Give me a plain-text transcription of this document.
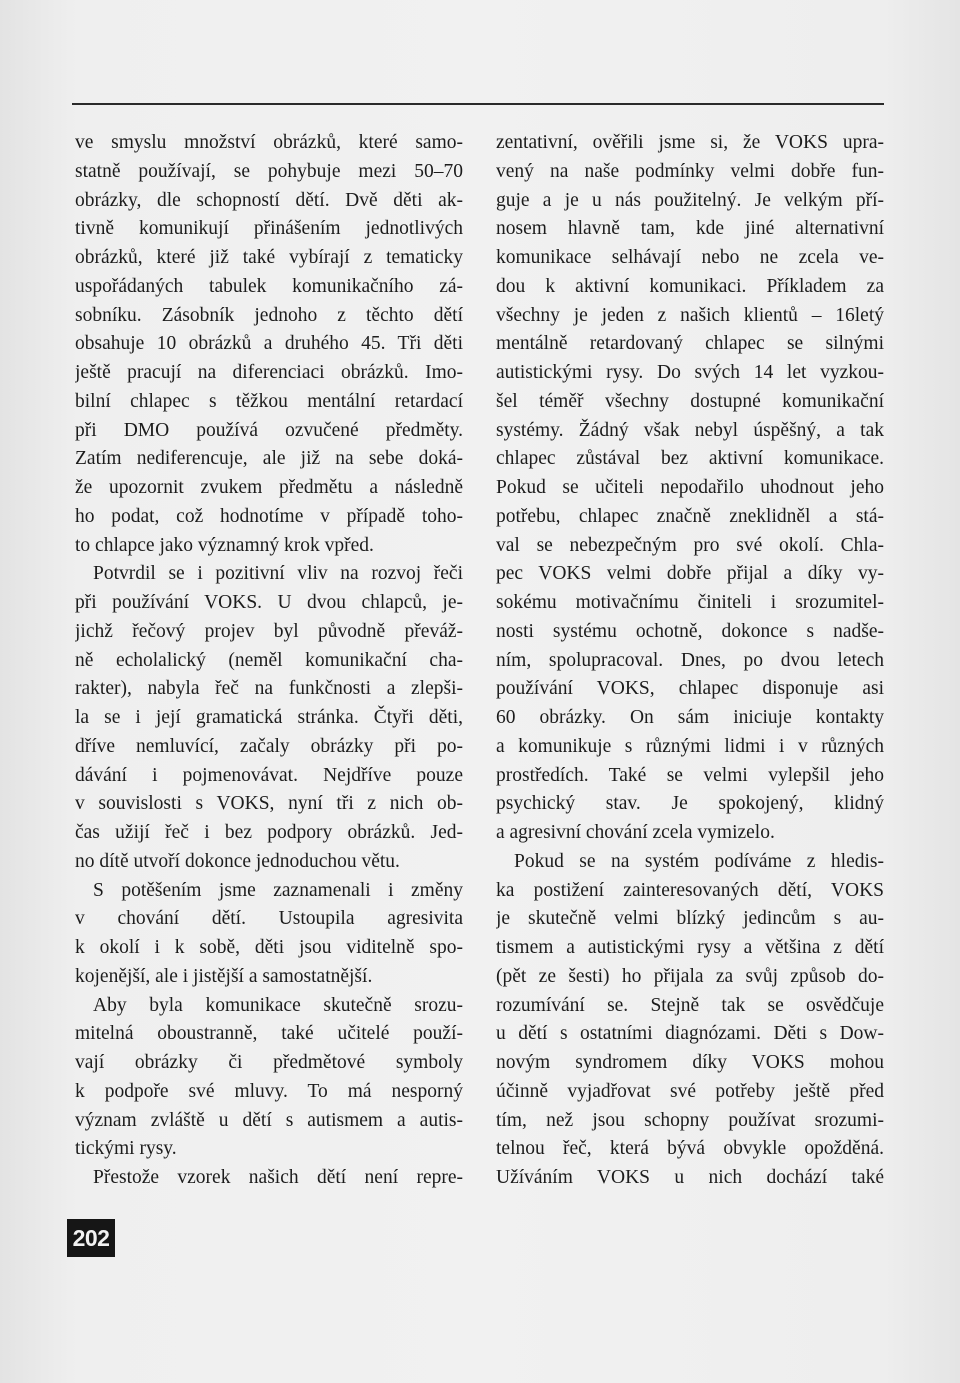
ve smyslu množství obrázků, které samo-
statně používají, se pohybuje mezi 50–70
obrázky, dle schopností dětí. Dvě děti ak-
tivně komunikují přinášením jednotlivých
obrázků, které již také vybírají z tematicky
uspořádaných tabulek komunikačního zá-
sobníku. Zásobník jednoho z těchto dětí
obsahuje 10 obrázků a druhého 45. Tři děti
ještě pracují na diferenciaci obrázků. Imo-
bilní chlapec s těžkou mentální retardací
při DMO používá ozvučené předměty.
Zatím nediferencuje, ale již na sebe doká-
že upozornit zvukem předmětu a následně
ho podat, což hodnotíme v případě toho-
to chlapce jako významný krok vpřed.
Potvrdil se i pozitivní vliv na rozvoj řeči
při používání VOKS. U dvou chlapců, je-
jichž řečový projev byl původně převáž-
ně echolalický (neměl komunikační cha-
rakter), nabyla řeč na funkčnosti a zlepši-
la se i její gramatická stránka. Čtyři děti,
dříve nemluvící, začaly obrázky při po-
dávání i pojmenovávat. Nejdříve pouze
v souvislosti s VOKS, nyní tři z nich ob-
čas užijí řeč i bez podpory obrázků. Jed-
no dítě utvoří dokonce jednoduchou větu.
S potěšením jsme zaznamenali i změny
v chování dětí. Ustoupila agresivita
k okolí i k sobě, děti jsou viditelně spo-
kojenější, ale i jistější a samostatnější.
Aby byla komunikace skutečně srozu-
mitelná oboustranně, také učitelé použí-
vají obrázky či předmětové symboly
k podpoře své mluvy. To má nesporný
význam zvláště u dětí s autismem a autis-
tickými rysy.
Přestože vzorek našich dětí není repre-
zentativní, ověřili jsme si, že VOKS upra-
vený na naše podmínky velmi dobře fun-
guje a je u nás použitelný. Je velkým pří-
nosem hlavně tam, kde jiné alternativní
komunikace selhávají nebo ne zcela ve-
dou k aktivní komunikaci. Příkladem za
všechny je jeden z našich klientů – 16letý
mentálně retardovaný chlapec se silnými
autistickými rysy. Do svých 14 let vyzkou-
šel téměř všechny dostupné komunikační
systémy. Žádný však nebyl úspěšný, a tak
chlapec zůstával bez aktivní komunikace.
Pokud se učiteli nepodařilo uhodnout jeho
potřebu, chlapec značně zneklidněl a stá-
val se nebezpečným pro své okolí. Chla-
pec VOKS velmi dobře přijal a díky vy-
sokému motivačnímu činiteli i srozumitel-
nosti systému ochotně, dokonce s nadše-
ním, spolupracoval. Dnes, po dvou letech
používání VOKS, chlapec disponuje asi
60 obrázky. On sám iniciuje kontakty
a komunikuje s různými lidmi i v různých
prostředích. Také se velmi vylepšil jeho
psychický stav. Je spokojený, klidný
a agresivní chování zcela vymizelo.
Pokud se na systém podíváme z hledis-
ka postižení zainteresovaných dětí, VOKS
je skutečně velmi blízký jedincům s au-
tismem a autistickými rysy a většina z dětí
(pět ze šesti) ho přijala za svůj způsob do-
rozumívání se. Stejně tak se osvědčuje
u dětí s ostatními diagnózami. Děti s Dow-
novým syndromem díky VOKS mohou
účinně vyjadřovat své potřeby ještě před
tím, než jsou schopny používat srozumi-
telnou řeč, která bývá obvykle opožděná.
Užíváním VOKS u nich dochází také
202
